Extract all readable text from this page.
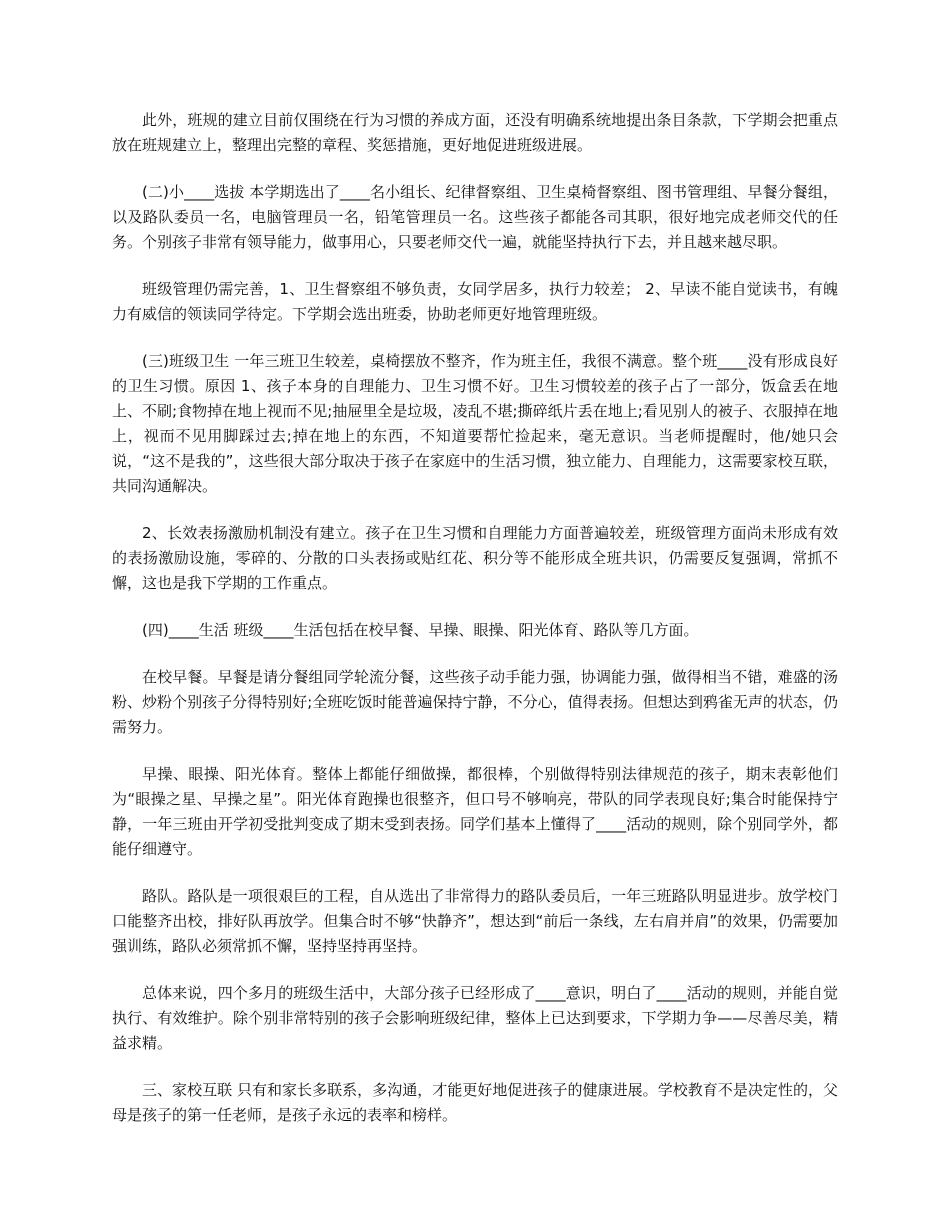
此外，班规的建立目前仅围绕在行为习惯的养成方面，还没有明确系统地提出条目条款，下学期会把重点放在班规建立上，整理出完整的章程、奖惩措施，更好地促进班级进展。

(二)小____选拔 本学期选出了____名小组长、纪律督察组、卫生桌椅督察组、图书管理组、早餐分餐组，以及路队委员一名，电脑管理员一名，铅笔管理员一名。这些孩子都能各司其职，很好地完成老师交代的任务。个别孩子非常有领导能力，做事用心，只要老师交代一遍，就能坚持执行下去，并且越来越尽职。

班级管理仍需完善，1、卫生督察组不够负责，女同学居多，执行力较差； 2、早读不能自觉读书，有魄力有威信的领读同学待定。下学期会选出班委，协助老师更好地管理班级。

(三)班级卫生 一年三班卫生较差，桌椅摆放不整齐，作为班主任，我很不满意。整个班____没有形成良好的卫生习惯。原因 1、孩子本身的自理能力、卫生习惯不好。卫生习惯较差的孩子占了一部分，饭盒丢在地上、不刷;食物掉在地上视而不见;抽屉里全是垃圾，凌乱不堪;撕碎纸片丢在地上;看见别人的被子、衣服掉在地上，视而不见用脚踩过去;掉在地上的东西，不知道要帮忙捡起来，毫无意识。当老师提醒时，他/她只会说，“这不是我的”，这些很大部分取决于孩子在家庭中的生活习惯，独立能力、自理能力，这需要家校互联，共同沟通解决。

2、长效表扬激励机制没有建立。孩子在卫生习惯和自理能力方面普遍较差，班级管理方面尚未形成有效的表扬激励设施，零碎的、分散的口头表扬或贴红花、积分等不能形成全班共识，仍需要反复强调，常抓不懈，这也是我下学期的工作重点。

(四)____生活 班级____生活包括在校早餐、早操、眼操、阳光体育、路队等几方面。

在校早餐。早餐是请分餐组同学轮流分餐，这些孩子动手能力强，协调能力强，做得相当不错，难盛的汤粉、炒粉个别孩子分得特别好;全班吃饭时能普遍保持宁静，不分心，值得表扬。但想达到鸦雀无声的状态，仍需努力。

早操、眼操、阳光体育。整体上都能仔细做操，都很棒，个别做得特别法律规范的孩子，期末表彰他们为“眼操之星、早操之星”。阳光体育跑操也很整齐，但口号不够响亮，带队的同学表现良好;集合时能保持宁静，一年三班由开学初受批判变成了期末受到表扬。同学们基本上懂得了____活动的规则，除个别同学外，都能仔细遵守。

路队。路队是一项很艰巨的工程，自从选出了非常得力的路队委员后，一年三班路队明显进步。放学校门口能整齐出校，排好队再放学。但集合时不够“快静齐”，想达到“前后一条线，左右肩并肩”的效果，仍需要加强训练，路队必须常抓不懈，坚持坚持再坚持。

总体来说，四个多月的班级生活中，大部分孩子已经形成了____意识，明白了____活动的规则，并能自觉执行、有效维护。除个别非常特别的孩子会影响班级纪律，整体上已达到要求，下学期力争——尽善尽美，精益求精。

三、家校互联 只有和家长多联系，多沟通，才能更好地促进孩子的健康进展。学校教育不是决定性的，父母是孩子的第一任老师，是孩子永远的表率和榜样。
